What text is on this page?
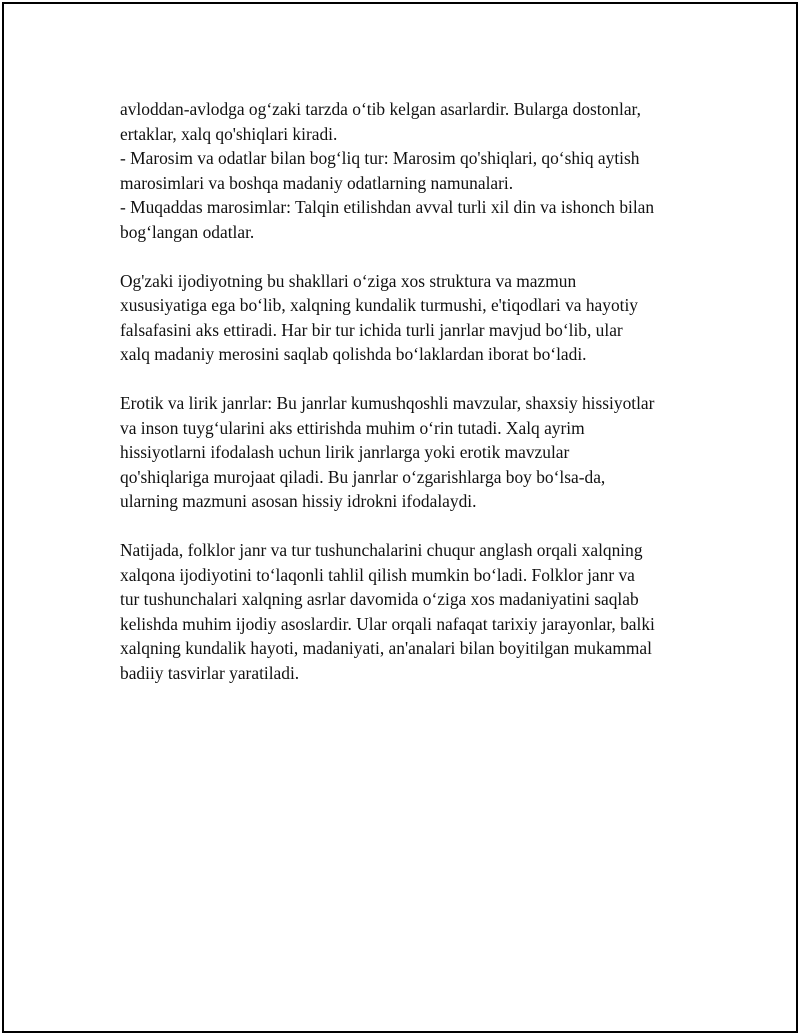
avloddan-avlodga og‘zaki tarzda o‘tib kelgan asarlardir. Bularga dostonlar,
ertaklar, xalq qo'shiqlari kiradi.
- Marosim va odatlar bilan bog‘liq tur: Marosim qo'shiqlari, qo‘shiq aytish
marosimlari va boshqa madaniy odatlarning namunalari.
- Muqaddas marosimlar: Talqin etilishdan avval turli xil din va ishonch bilan
bog‘langan odatlar.
Og'zaki ijodiyotning bu shakllari o‘ziga xos struktura va mazmun
xususiyatiga ega bo‘lib, xalqning kundalik turmushi, e'tiqodlari va hayotiy
falsafasini aks ettiradi. Har bir tur ichida turli janrlar mavjud bo‘lib, ular
xalq madaniy merosini saqlab qolishda bo‘laklardan iborat bo‘ladi.
Erotik va lirik janrlar: Bu janrlar kumushqoshli mavzular, shaxsiy hissiyotlar
va inson tuyg‘ularini aks ettirishda muhim o‘rin tutadi. Xalq ayrim
hissiyotlarni ifodalash uchun lirik janrlarga yoki erotik mavzular
qo'shiqlariga murojaat qiladi. Bu janrlar o‘zgarishlarga boy bo‘lsa-da,
ularning mazmuni asosan hissiy idrokni ifodalaydi.
Natijada, folklor janr va tur tushunchalarini chuqur anglash orqali xalqning
xalqona ijodiyotini to‘laqonli tahlil qilish mumkin bo‘ladi. Folklor janr va
tur tushunchalari xalqning asrlar davomida o‘ziga xos madaniyatini saqlab
kelishda muhim ijodiy asoslardir. Ular orqali nafaqat tarixiy jarayonlar, balki
xalqning kundalik hayoti, madaniyati, an'analari bilan boyitilgan mukammal
badiiy tasvirlar yaratiladi.
